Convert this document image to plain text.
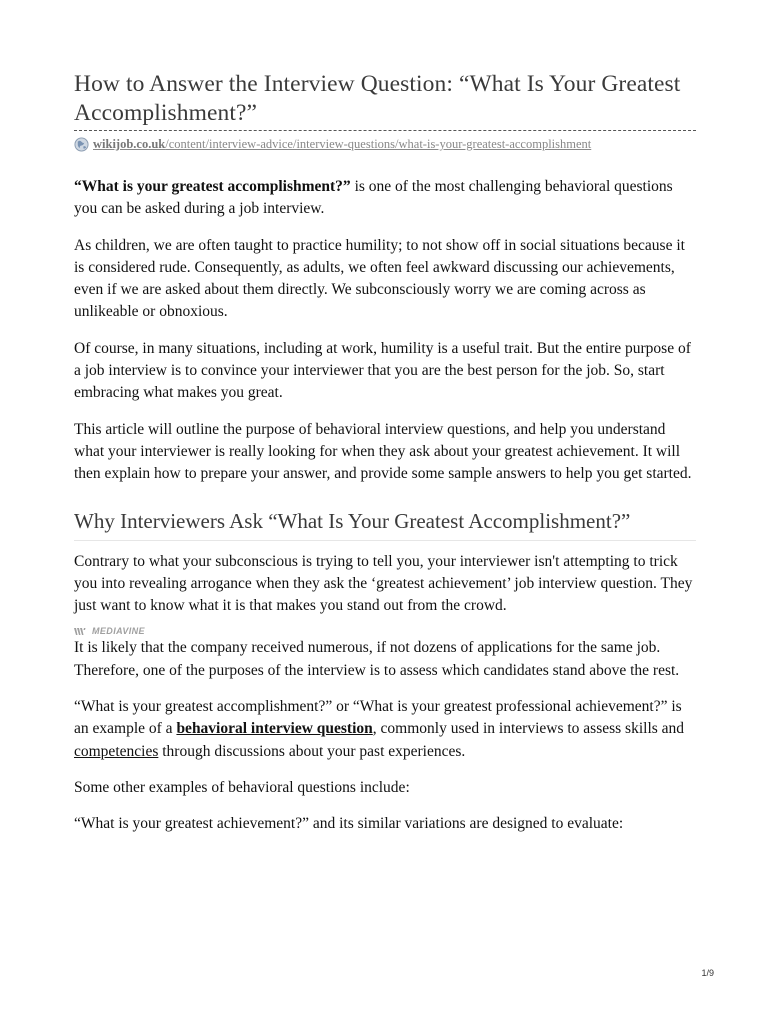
How to Answer the Interview Question: “What Is Your Greatest Accomplishment?”
wikijob.co.uk/content/interview-advice/interview-questions/what-is-your-greatest-accomplishment

“What is your greatest accomplishment?” is one of the most challenging behavioral questions you can be asked during a job interview.

As children, we are often taught to practice humility; to not show off in social situations because it is considered rude. Consequently, as adults, we often feel awkward discussing our achievements, even if we are asked about them directly. We subconsciously worry we are coming across as unlikeable or obnoxious.

Of course, in many situations, including at work, humility is a useful trait. But the entire purpose of a job interview is to convince your interviewer that you are the best person for the job. So, start embracing what makes you great.

This article will outline the purpose of behavioral interview questions, and help you understand what your interviewer is really looking for when they ask about your greatest achievement. It will then explain how to prepare your answer, and provide some sample answers to help you get started.

Why Interviewers Ask “What Is Your Greatest Accomplishment?”

Contrary to what your subconscious is trying to tell you, your interviewer isn't attempting to trick you into revealing arrogance when they ask the ‘greatest achievement’ job interview question. They just want to know what it is that makes you stand out from the crowd.

MEDIAVINE

It is likely that the company received numerous, if not dozens of applications for the same job. Therefore, one of the purposes of the interview is to assess which candidates stand above the rest.

“What is your greatest accomplishment?” or “What is your greatest professional achievement?” is an example of a behavioral interview question, commonly used in interviews to assess skills and competencies through discussions about your past experiences.

Some other examples of behavioral questions include:

“What is your greatest achievement?” and its similar variations are designed to evaluate:

1/9
